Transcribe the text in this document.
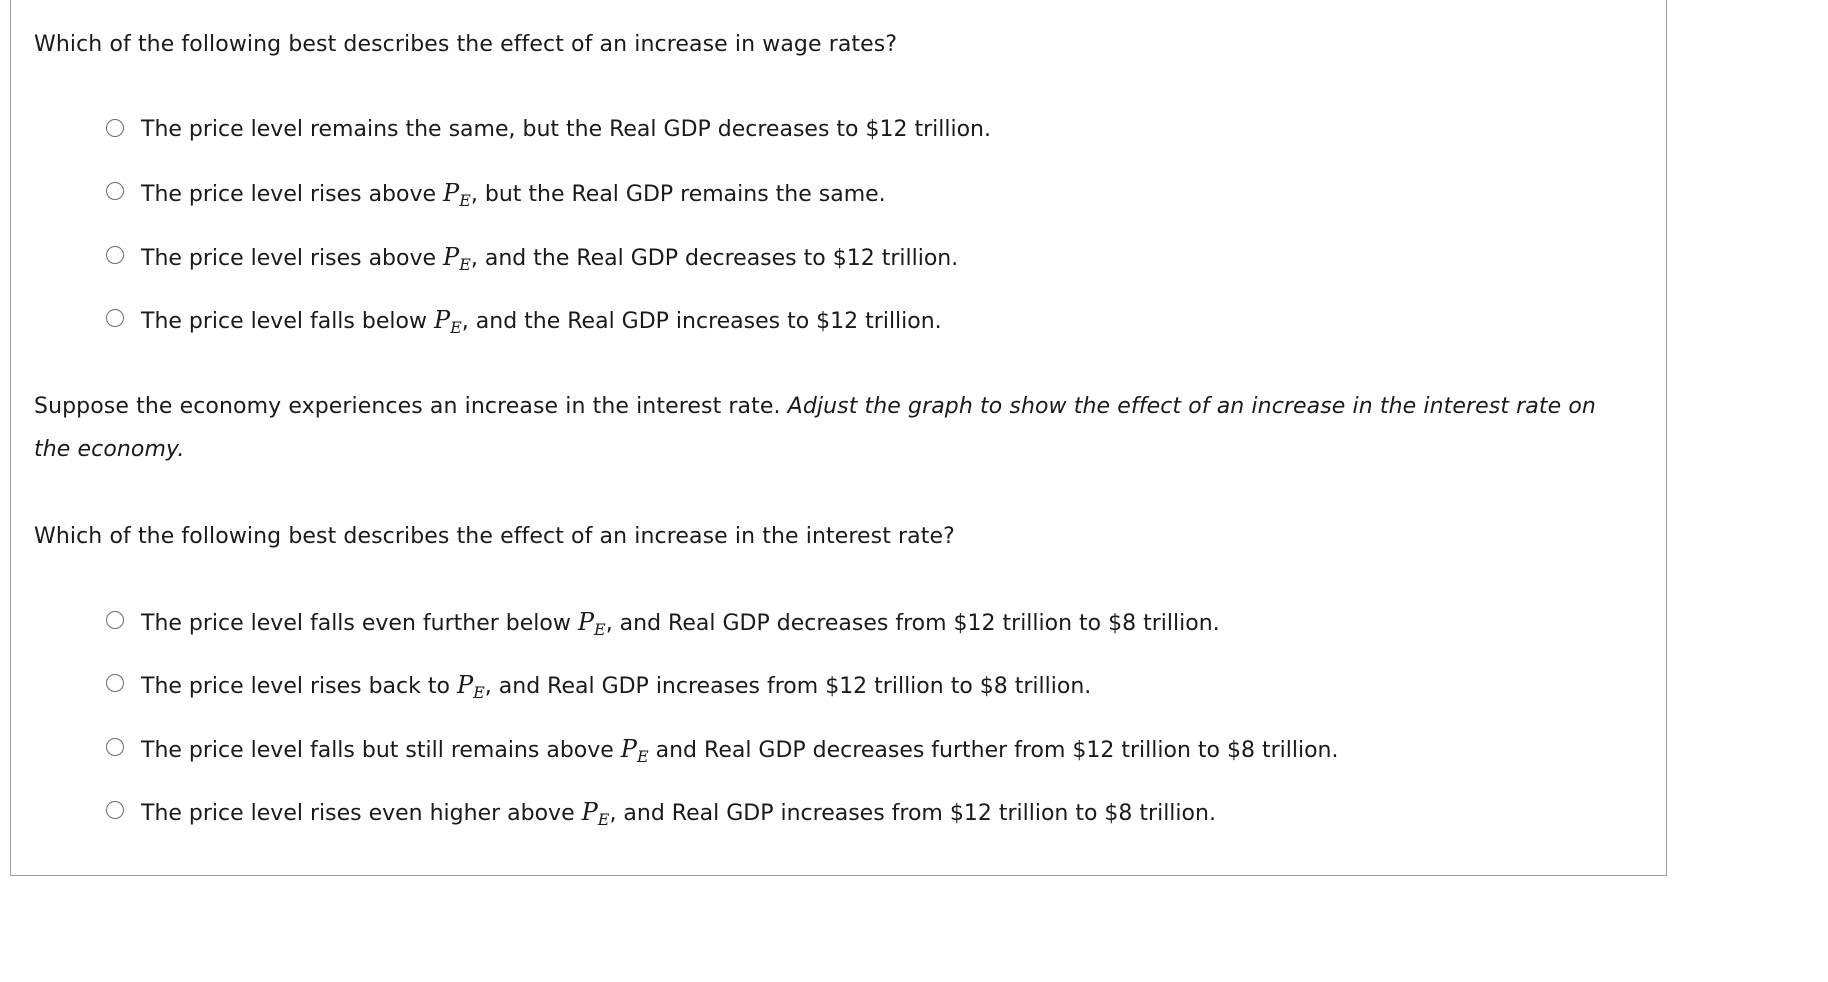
Which of the following best describes the effect of an increase in wage rates?

The price level remains the same, but the Real GDP decreases to $12 trillion.
The price level rises above $P_E$, but the Real GDP remains the same.
The price level rises above $P_E$, and the Real GDP decreases to $12 trillion.
The price level falls below $P_E$, and the Real GDP increases to $12 trillion.

Suppose the economy experiences an increase in the interest rate. Adjust the graph to show the effect of an increase in the interest rate on the economy.

Which of the following best describes the effect of an increase in the interest rate?

The price level falls even further below $P_E$, and Real GDP decreases from $12 trillion to $8 trillion.
The price level rises back to $P_E$, and Real GDP increases from $12 trillion to $8 trillion.
The price level falls but still remains above $P_E$ and Real GDP decreases further from $12 trillion to $8 trillion.
The price level rises even higher above $P_E$, and Real GDP increases from $12 trillion to $8 trillion.
